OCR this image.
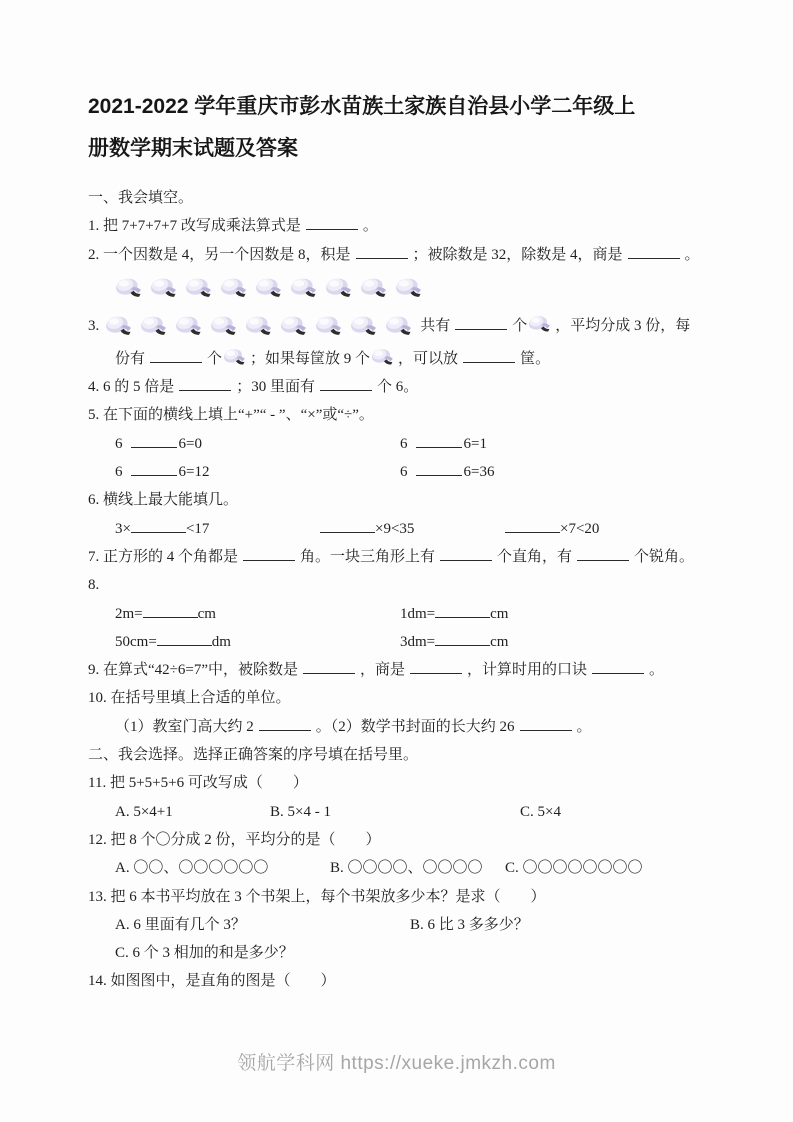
2021-2022 学年重庆市彭水苗族土家族自治县小学二年级上
册数学期末试题及答案
一、我会填空。
1. 把 7+7+7+7 改写成乘法算式是	。
2. 一个因数是 4，另一个因数是 8，积是	；被除数是 32，除数是 4，商是	。
3.	共有	个 ，平均分成 3 份，每
份有	个 ；如果每筐放 9 个 ，可以放	筐。
4. 6 的 5 倍是	；30 里面有	个 6。
5. 在下面的横线上填上“+”“ - ”、“×”或“÷”。
6	6=0	6	6=1
6	6=12	6	6=36
6. 横线上最大能填几。
3×	<17	×9<35	×7<20
7. 正方形的 4 个角都是	角。一块三角形上有	个直角，有	个锐角。
8.
2m=	cm	1dm=	cm
50cm=	dm	3dm=	cm
9. 在算式“42÷6=7”中，被除数是	，商是	，计算时用的口诀	。
10. 在括号里填上合适的单位。
（1）教室门高大约 2	。（2）数学书封面的长大约 26	。
二、我会选择。选择正确答案的序号填在括号里。
11. 把 5+5+5+6 可改写成（　　）
A. 5×4+1	B. 5×4 - 1	C. 5×4
12. 把 8 个〇分成 2 份，平均分的是（　　）
A. 〇〇、〇〇〇〇〇〇	B. 〇〇〇〇、〇〇〇〇 C. 〇〇〇〇〇〇〇〇
13. 把 6 本书平均放在 3 个书架上，每个书架放多少本？是求（　　）
A. 6 里面有几个 3？	B. 6 比 3 多多少？
C. 6 个 3 相加的和是多少？
14. 如图图中，是直角的图是（　　）
领航学科网 https://xueke.jmkzh.com
